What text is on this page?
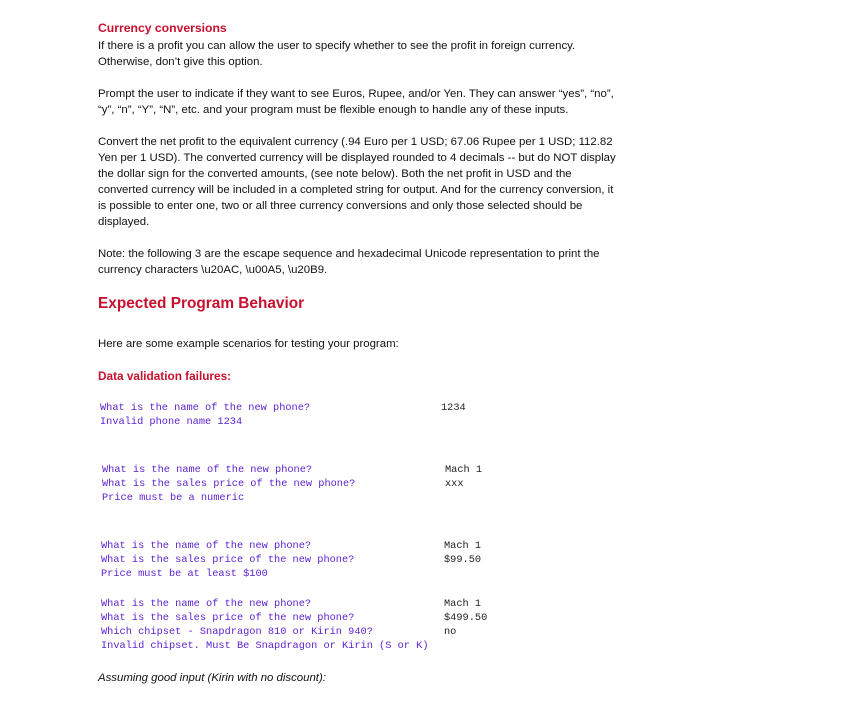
Currency conversions
If there is a profit you can allow the user to specify whether to see the profit in foreign currency.
Otherwise, don’t give this option.
Prompt the user to indicate if they want to see Euros, Rupee, and/or Yen. They can answer “yes”, “no”,
“y”, “n”, “Y”, “N”, etc. and your program must be flexible enough to handle any of these inputs.
Convert the net profit to the equivalent currency (.94 Euro per 1 USD; 67.06 Rupee per 1 USD; 112.82
Yen per 1 USD). The converted currency will be displayed rounded to 4 decimals -- but do NOT display
the dollar sign for the converted amounts, (see note below). Both the net profit in USD and the
converted currency will be included in a completed string for output. And for the currency conversion, it
is possible to enter one, two or all three currency conversions and only those selected should be
displayed.
Note: the following 3 are the escape sequence and hexadecimal Unicode representation to print the
currency characters \u20AC, \u00A5, \u20B9.
Expected Program Behavior
Here are some example scenarios for testing your program:
Data validation failures:
What is the name of the new phone?
Invalid phone name 1234
1234
What is the name of the new phone?
What is the sales price of the new phone?
Price must be a numeric
Mach 1
xxx
What is the name of the new phone?
What is the sales price of the new phone?
Price must be at least $100
Mach 1
$99.50
What is the name of the new phone?
What is the sales price of the new phone?
Which chipset - Snapdragon 810 or Kirin 940?
Invalid chipset. Must Be Snapdragon or Kirin (S or K)
Mach 1
$499.50
no
Assuming good input (Kirin with no discount):
